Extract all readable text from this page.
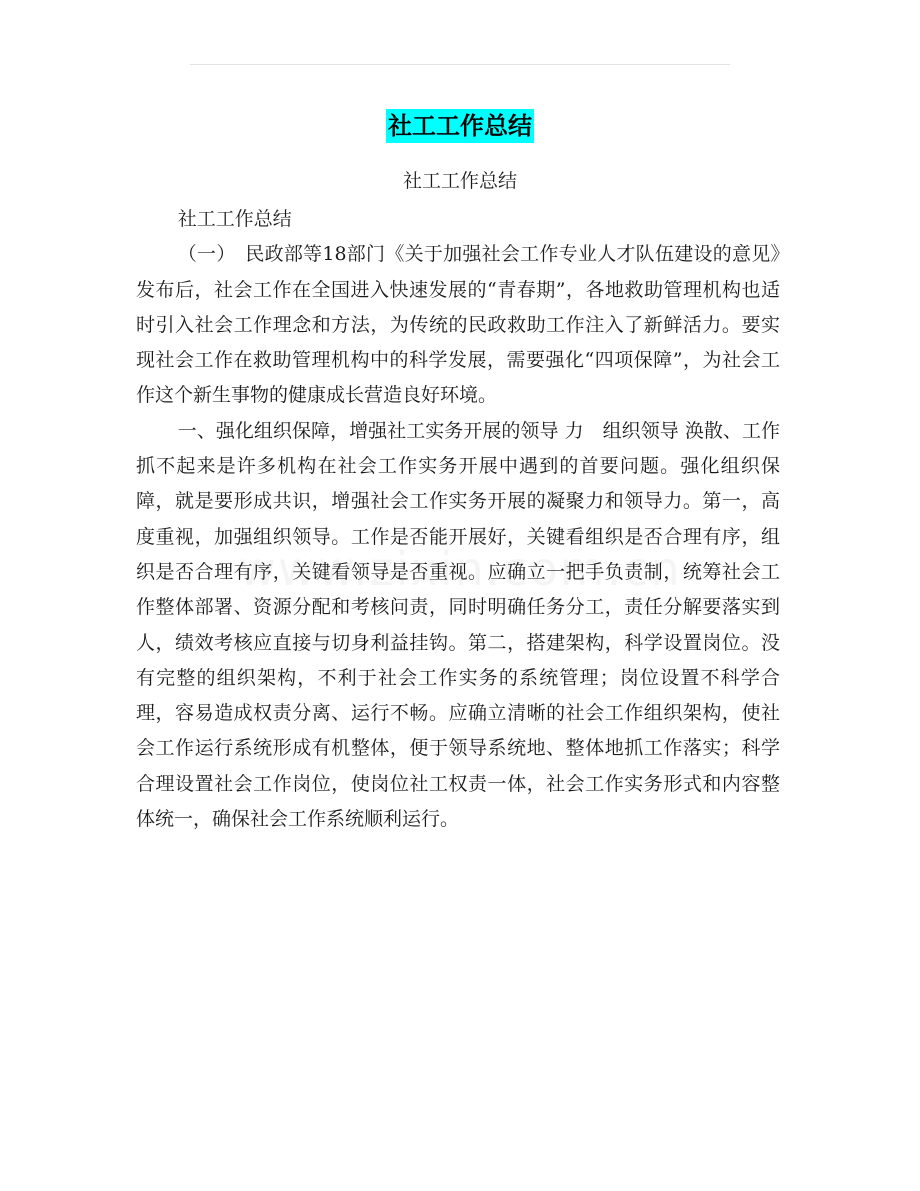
社工工作总结
社工工作总结

社工工作总结

（一）　民政部等18部门《关于加强社会工作专业人才队伍建设的意见》发布后，社会工作在全国进入快速发展的“青春期”，各地救助管理机构也适时引入社会工作理念和方法，为传统的民政救助工作注入了新鲜活力。要实现社会工作在救助管理机构中的科学发展，需要强化“四项保障”，为社会工作这个新生事物的健康成长营造良好环境。

一、强化组织保障，增强社工实务开展的领导 力　组织领导 涣散、工作抓不起来是许多机构在社会工作实务开展中遇到的首要问题。强化组织保障，就是要形成共识，增强社会工作实务开展的凝聚力和领导力。第一，高度重视，加强组织领导。工作是否能开展好，关键看组织是否合理有序，组织是否合理有序，关键看领导是否重视。应确立一把手负责制，统筹社会工作整体部署、资源分配和考核问责，同时明确任务分工，责任分解要落实到人，绩效考核应直接与切身利益挂钩。第二，搭建架构，科学设置岗位。没有完整的组织架构，不利于社会工作实务的系统管理；岗位设置不科学合理，容易造成权责分离、运行不畅。应确立清晰的社会工作组织架构，使社会工作运行系统形成有机整体，便于领导系统地、整体地抓工作落实；科学合理设置社会工作岗位，使岗位社工权责一体，社会工作实务形式和内容整体统一，确保社会工作系统顺利运行。
